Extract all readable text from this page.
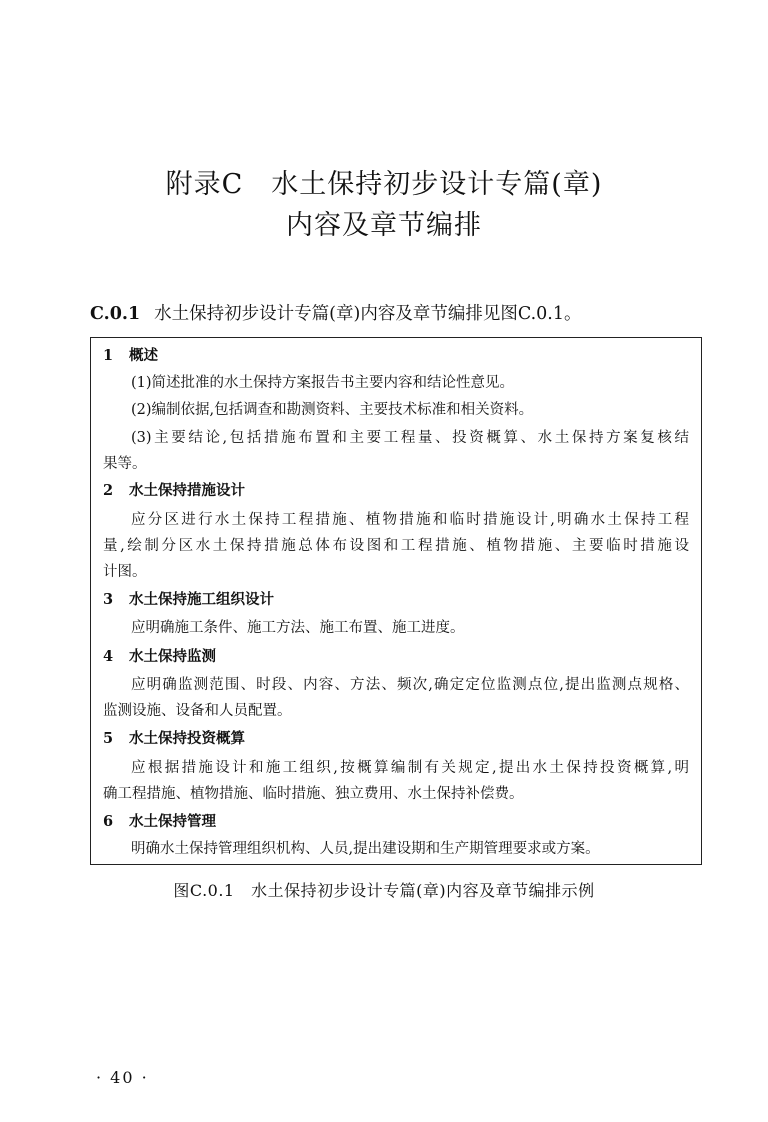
附录C　水土保持初步设计专篇(章)
内容及章节编排
C.0.1 水土保持初步设计专篇(章)内容及章节编排见图C.0.1。
1 概述
(1)简述批准的水土保持方案报告书主要内容和结论性意见。
(2)编制依据,包括调查和勘测资料、主要技术标准和相关资料。
(3)主要结论,包括措施布置和主要工程量、投资概算、水土保持方案复核结
果等。
2 水土保持措施设计
应分区进行水土保持工程措施、植物措施和临时措施设计,明确水土保持工程
量,绘制分区水土保持措施总体布设图和工程措施、植物措施、主要临时措施设
计图。
3 水土保持施工组织设计
应明确施工条件、施工方法、施工布置、施工进度。
4 水土保持监测
应明确监测范围、时段、内容、方法、频次,确定定位监测点位,提出监测点规格、
监测设施、设备和人员配置。
5 水土保持投资概算
应根据措施设计和施工组织,按概算编制有关规定,提出水土保持投资概算,明
确工程措施、植物措施、临时措施、独立费用、水土保持补偿费。
6 水土保持管理
明确水土保持管理组织机构、人员,提出建设期和生产期管理要求或方案。
图C.0.1　水土保持初步设计专篇(章)内容及章节编排示例
· 40 ·
